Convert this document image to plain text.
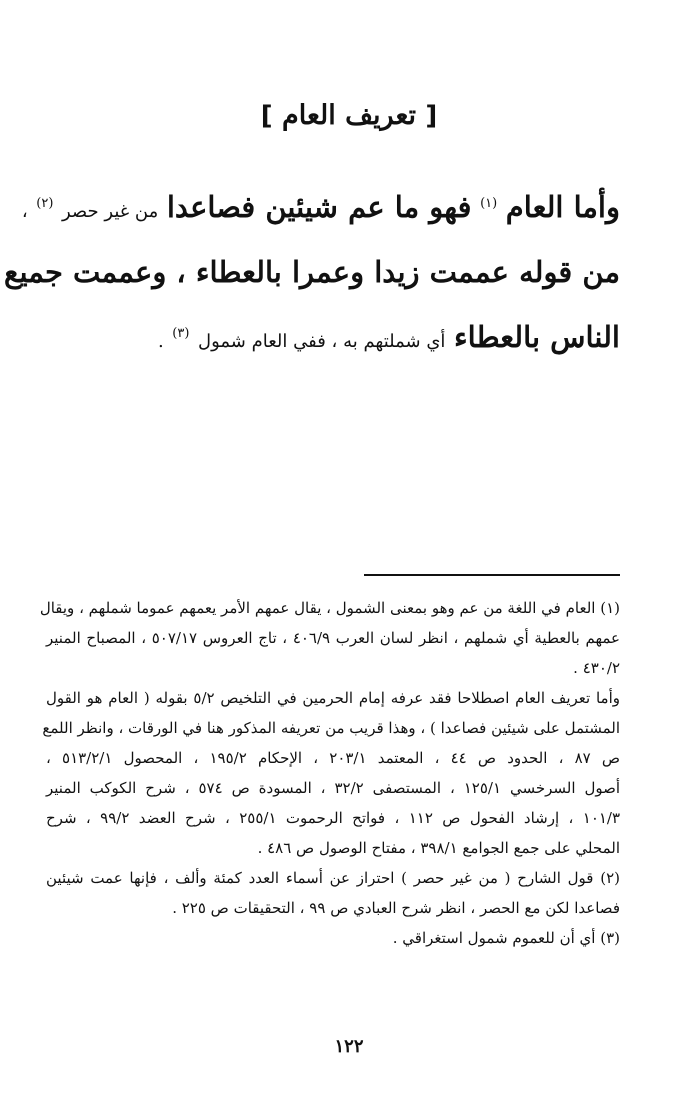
[ تعريف العام ]
وأما العام $^{(١)}$ فهو ما عم شيئين فصاعدا من غير حصر $^{(٢)}$ ،
من قوله عممت زيدا وعمرا بالعطاء ، وعممت جميع
الناس بالعطاء أي شملتهم به ، ففي العام شمول $^{(٣)}$ .
(١) العام في اللغة من عم وهو بمعنى الشمول ، يقال عمهم الأمر يعمهم عموما شملهم ، ويقال
عمهم بالعطية أي شملهم ، انظر لسان العرب ٤٠٦/٩ ، تاج العروس ٥٠٧/١٧ ، المصباح المنير
٤٣٠/٢ .
وأما تعريف العام اصطلاحا فقد عرفه إمام الحرمين في التلخيص ٥/٢ بقوله ( العام هو القول
المشتمل على شيئين فصاعدا ) ، وهذا قريب من تعريفه المذكور هنا في الورقات ، وانظر اللمع
ص ٨٧ ، الحدود ص ٤٤ ، المعتمد ٢٠٣/١ ، الإحكام ١٩٥/٢ ، المحصول ٥١٣/٢/١ ،
أصول السرخسي ١٢٥/١ ، المستصفى ٣٢/٢ ، المسودة ص ٥٧٤ ، شرح الكوكب المنير
١٠١/٣ ، إرشاد الفحول ص ١١٢ ، فواتح الرحموت ٢٥٥/١ ، شرح العضد ٩٩/٢ ، شرح
المحلي على جمع الجوامع ٣٩٨/١ ، مفتاح الوصول ص ٤٨٦ .
(٢) قول الشارح ( من غير حصر ) احتراز عن أسماء العدد كمئة وألف ، فإنها عمت شيئين
فصاعدا لكن مع الحصر ، انظر شرح العبادي ص ٩٩ ، التحقيقات ص ٢٢٥ .
(٣) أي أن للعموم شمول استغراقي .
١٢٢
